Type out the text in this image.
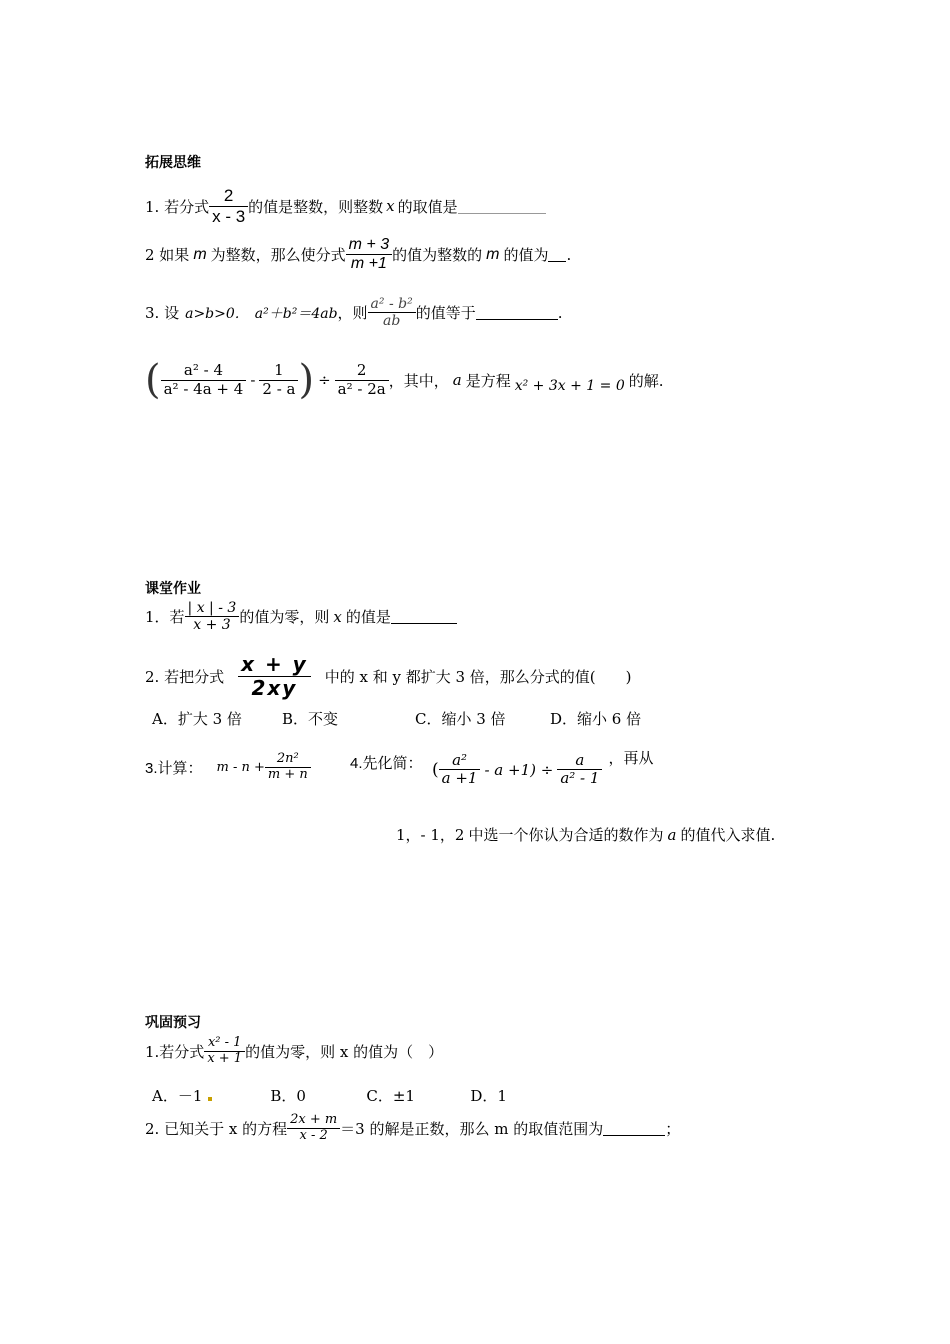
拓展思维
1. 若分式 $\frac{2}{x - 3}$ 的值是整数，则整数 x 的取值是
2 如果 m 为整数，那么使分式 $\frac{m + 3}{m +1}$ 的值为整数的 m 的值为 .
3. 设 a>b>0． a²＋b²＝4ab ，则 $\frac{\text{a² - b²}}{ab}$ 的值等于	.
( $\frac{\text{a² - 4}}{\text{a² - 4a + 4}} - \frac{1}{2 - a}$ ) ÷ $\frac{2}{\text{a² - 2a}}$ ，其中， a 是方程 x² + 3x + 1 = 0 的解.
课堂作业
1．若 $\frac{| x | - 3}{x + 3}$ 的值为零，则 x 的值是
2. 若把分式 $\frac{x + y}{2xy}$ 中的 x 和 y 都扩大 3 倍，那么分式的值(　　)
A．扩大 3 倍	B．不变	C．缩小 3 倍	D．缩小 6 倍
3.计算： $m - n + \frac{\text{2n²}}{m + n}$	4.先化简： ( $\frac{\text{a²}}{a +1} - a +1) \div \frac{a}{\text{a² - 1}}$ ，再从
1，- 1，2 中选一个你认为合适的数作为 a 的值代入求值.
巩固预习
1.若分式 $\frac{\text{x² - 1}}{x + 1}$ 的值为零，则 x 的值为（　）
A．－1	B．0	C．±1	D．1
2. 已知关于 x 的方程 $\frac{2x + m}{x - 2} =3$ 的解是正数，那么 m 的取值范围为	；
